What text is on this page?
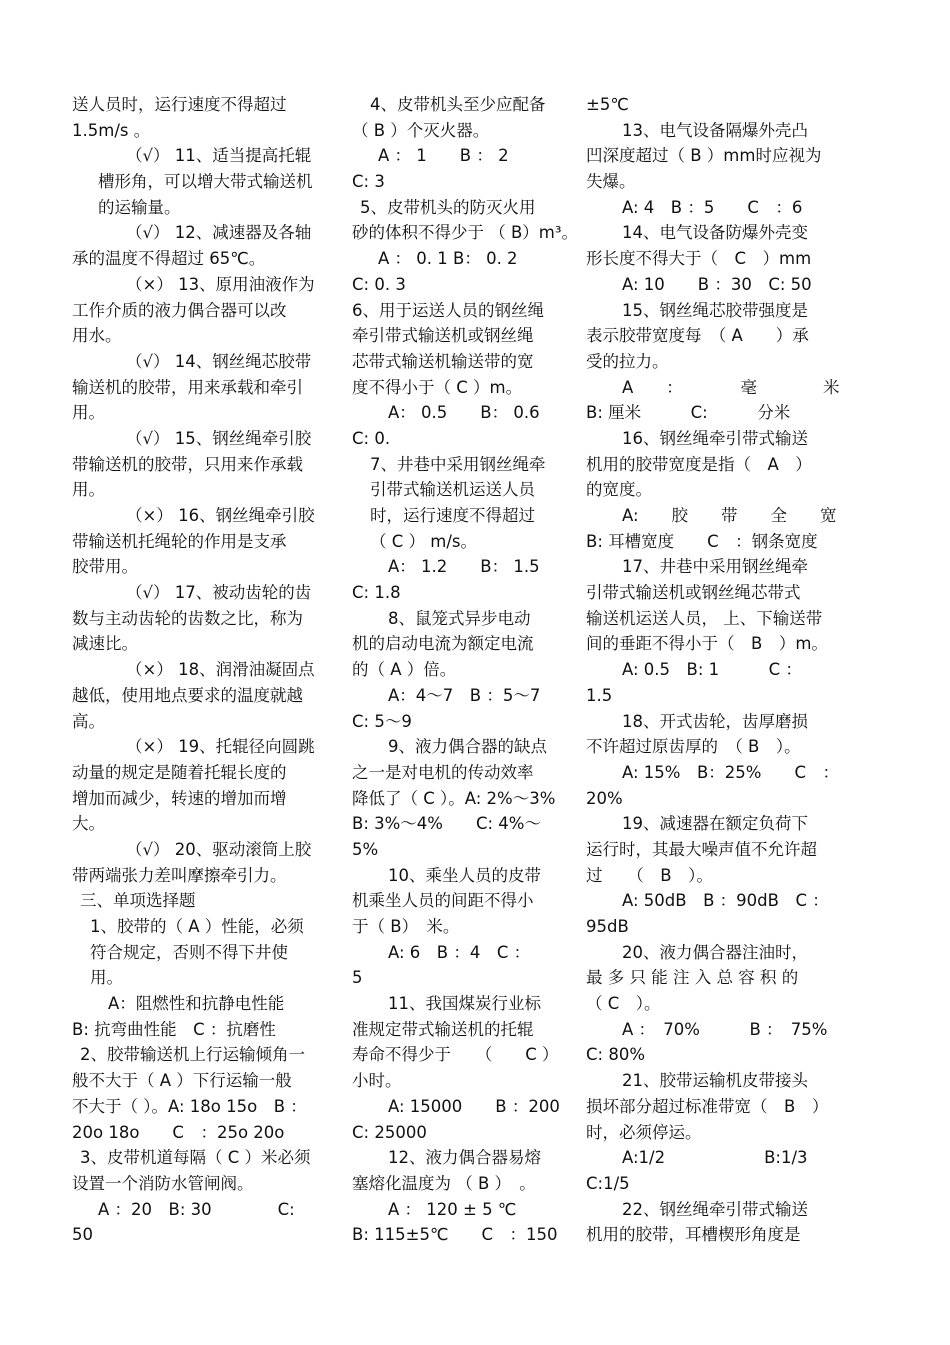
送人员时，运行速度不得超过
1.5m/s 。
（√） 11、适当提高托辊
槽形角，可以增大带式输送机
的运输量。
（√） 12、减速器及各轴
承的温度不得超过 65℃。
（×） 13、原用油液作为
工作介质的液力偶合器可以改
用水。
（√） 14、钢丝绳芯胶带
输送机的胶带，用来承载和牵引
用。
（√） 15、钢丝绳牵引胶
带输送机的胶带，只用来作承载
用。
（×） 16、钢丝绳牵引胶
带输送机托绳轮的作用是支承
胶带用。
（√） 17、被动齿轮的齿
数与主动齿轮的齿数之比，称为
减速比。
（×） 18、润滑油凝固点
越低，使用地点要求的温度就越
高。
（×） 19、托辊径向圆跳
动量的规定是随着托辊长度的
增加而减少，转速的增加而增
大。
（√） 20、驱动滚筒上胶
带两端张力差叫摩擦牵引力。
三、单项选择题
1、胶带的（ A ）性能，必须
符合规定，否则不得下井使
用。
A：阻燃性和抗静电性能
B: 抗弯曲性能　C ：抗磨性
2、胶带输送机上行运输倾角一
般不大于（ A ）下行运输一般
不大于（ ）。A: 18o 15o　B ：
20o 18o　　C　：25o 20o
3、皮带机道每隔（ C ）米必须
设置一个消防水管闸阀。
A ：20　B: 30　　　　C:
50
4、皮带机头至少应配备
（ B ）个灭火器。
A ： 1　　B ： 2
C: 3
5、皮带机头的防灭火用
砂的体积不得少于 （ B）m³。
A ： 0. 1 B： 0. 2
C: 0. 3
6、用于运送人员的钢丝绳
牵引带式输送机或钢丝绳
芯带式输送机输送带的宽
度不得小于（ C ）m。
A： 0.5　　B： 0.6
C: 0.
7、井巷中采用钢丝绳牵
引带式输送机运送人员
时，运行速度不得超过
（ C ） m/s。
A： 1.2　　B： 1.5
C: 1.8
8、鼠笼式异步电动
机的启动电流为额定电流
的（ A ）倍。
A：4～7　B ：5～7
C: 5～9
9、液力偶合器的缺点
之一是对电机的传动效率
降低了（ C ）。A: 2%～3%
B: 3%～4%　　C: 4%～
5%
10、乘坐人员的皮带
机乘坐人员的间距不得小
于（ B）　米。
A: 6　B ：4　C ：
5
11、我国煤炭行业标
准规定带式输送机的托辊
寿命不得少于　　（　　C ）
小时。
A: 15000　　B ：200
C: 25000
12、液力偶合器易熔
塞熔化温度为 （ B ）　。
A ： 120 ± 5 ℃
B: 115±5℃　　C　：150
±5℃
13、电气设备隔爆外壳凸
凹深度超过（ B ）mm时应视为
失爆。
A: 4　B ：5　　C　：6
14、电气设备防爆外壳变
形长度不得大于（　C　）mm
A: 10　　B ：30　C: 50
15、钢丝绳芯胶带强度是
表示胶带宽度每　（ A　　）承
受的拉力。
A　　：　　　　毫　　　　米
B: 厘米　　　C:　　　分米
16、钢丝绳牵引带式输送
机用的胶带宽度是指（　A　）
的宽度。
A:　　胶　　带　　全　　宽
B: 耳槽宽度　　C　：钢条宽度
17、井巷中采用钢丝绳牵
引带式输送机或钢丝绳芯带式
输送机运送人员， 上、下输送带
间的垂距不得小于（　B　）m。
A: 0.5　B: 1　　　C ：
1.5
18、开式齿轮，齿厚磨损
不许超过原齿厚的　（ B　）。
A: 15%　B：25%　　C　：
20%
19、减速器在额定负荷下
运行时，其最大噪声值不允许超
过　　（　B　）。
A: 50dB　B ：90dB　C ：
95dB
20、液力偶合器注油时，
最 多 只 能 注 入 总 容 积 的
（ C　）。
A ：　70%　　　B ：　75%
C: 80%
21、胶带运输机皮带接头
损坏部分超过标准带宽（　B　）
时，必须停运。
A:1/2　　　　　　B:1/3
C:1/5
22、钢丝绳牵引带式输送
机用的胶带，耳槽楔形角度是
